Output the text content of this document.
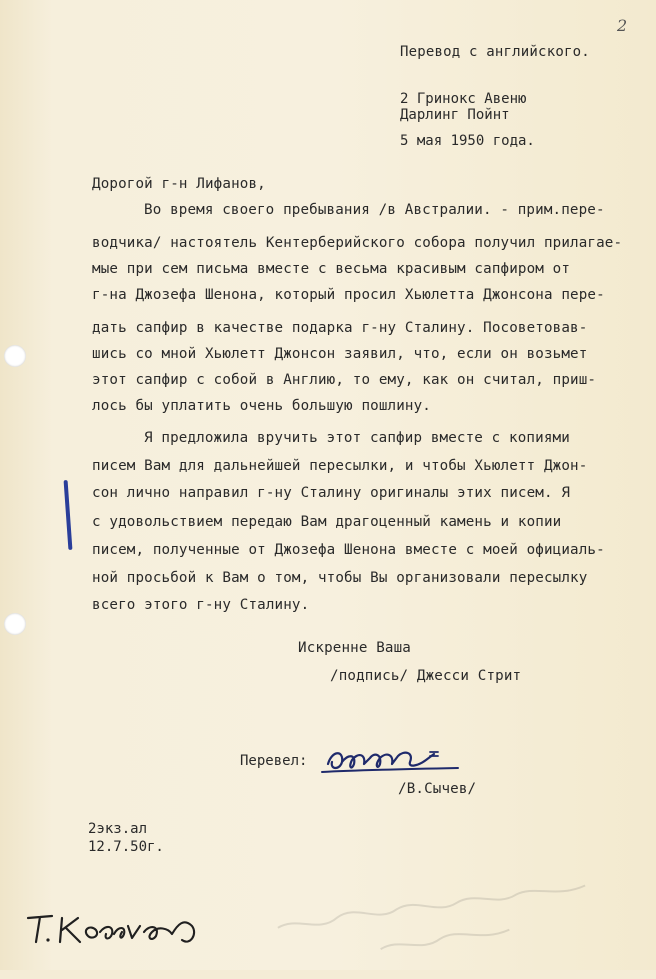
2
Перевод с английского.
2 Гринокс Авеню
Дарлинг Пойнт
5 мая 1950 года.
Дорогой г-н Лифанов,
Во время своего пребывания /в Австралии. - прим.пере-
водчика/ настоятель Кентерберийского собора получил прилагае-
мые при сем письма вместе с весьма красивым сапфиром от
г-на Джозефа Шенона, который просил Хьюлетта Джонсона пере-
дать сапфир в качестве подарка г-ну Сталину. Посоветовав-
шись со мной Хьюлетт Джонсон заявил, что, если он возьмет
этот сапфир с собой в Англию, то ему, как он считал, приш-
лось бы уплатить очень большую пошлину.
Я предложила вручить этот сапфир вместе с копиями
писем Вам для дальнейшей пересылки, и чтобы Хьюлетт Джон-
сон лично направил г-ну Сталину оригиналы этих писем. Я
с удовольствием передаю Вам драгоценный камень и копии
писем, полученные от Джозефа Шенона вместе с моей официаль-
ной просьбой к Вам о том, чтобы Вы организовали пересылку
всего этого г-ну Сталину.
Искренне Ваша
/подпись/ Джесси Стрит
Перевел:
/В.Сычев/
2экз.ал
12.7.50г.
